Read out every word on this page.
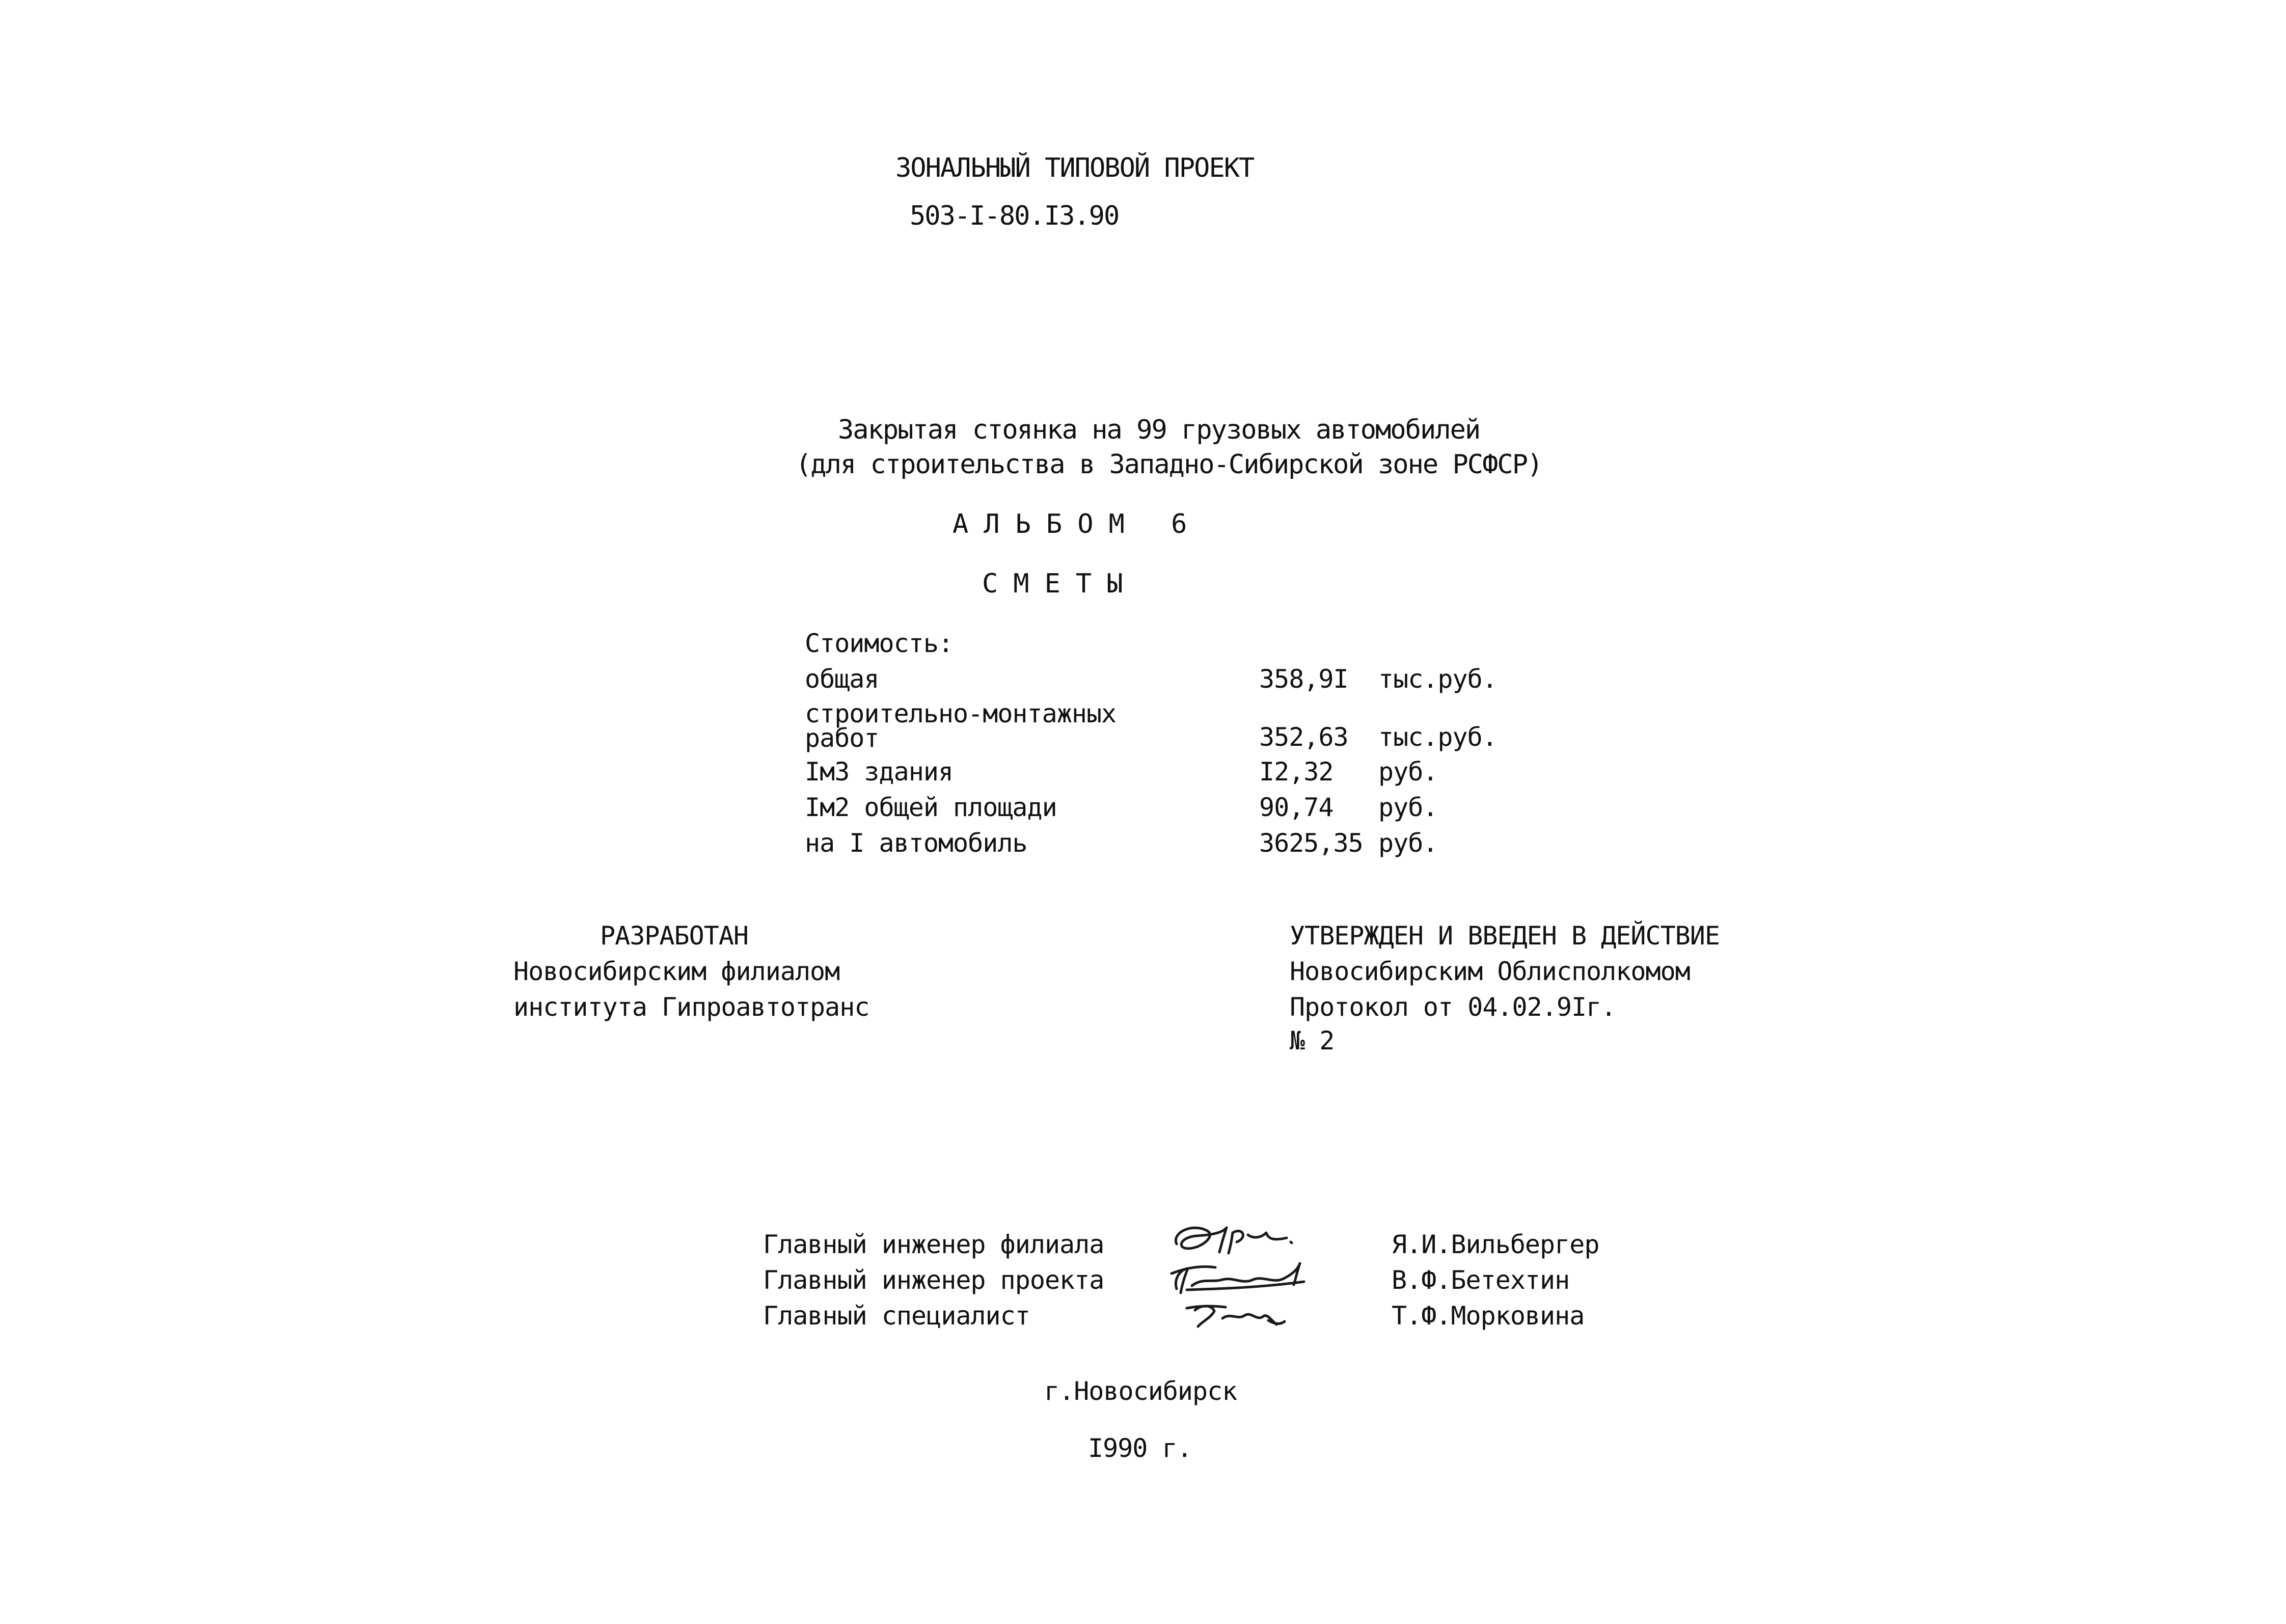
ЗОНАЛЬНЫЙ ТИПОВОЙ ПРОЕКТ
503-I-80.I3.90
Закрытая стоянка на 99 грузовых автомобилей
(для строительства в Западно-Сибирской зоне РСФСР)
АЛЬБОМ 6
СМЕТЫ
Стоимость:
общая	358,9I тыс.руб.
строительно-монтажных
работ	352,63 тыс.руб.
Iм3 здания	I2,32 руб.
Iм2 общей площади	90,74 руб.
на I автомобиль	3625,35 руб.
РАЗРАБОТАН
Новосибирским филиалом
института Гипроавтотранс
УТВЕРЖДЕН И ВВЕДЕН В ДЕЙСТВИЕ
Новосибирским Облисполкомом
Протокол от 04.02.9Iг.
№ 2
Главный инженер филиала	Я.И.Вильбергер
Главный инженер проекта	В.Ф.Бетехтин
Главный специалист	Т.Ф.Морковина
г.Новосибирск
I990 г.
